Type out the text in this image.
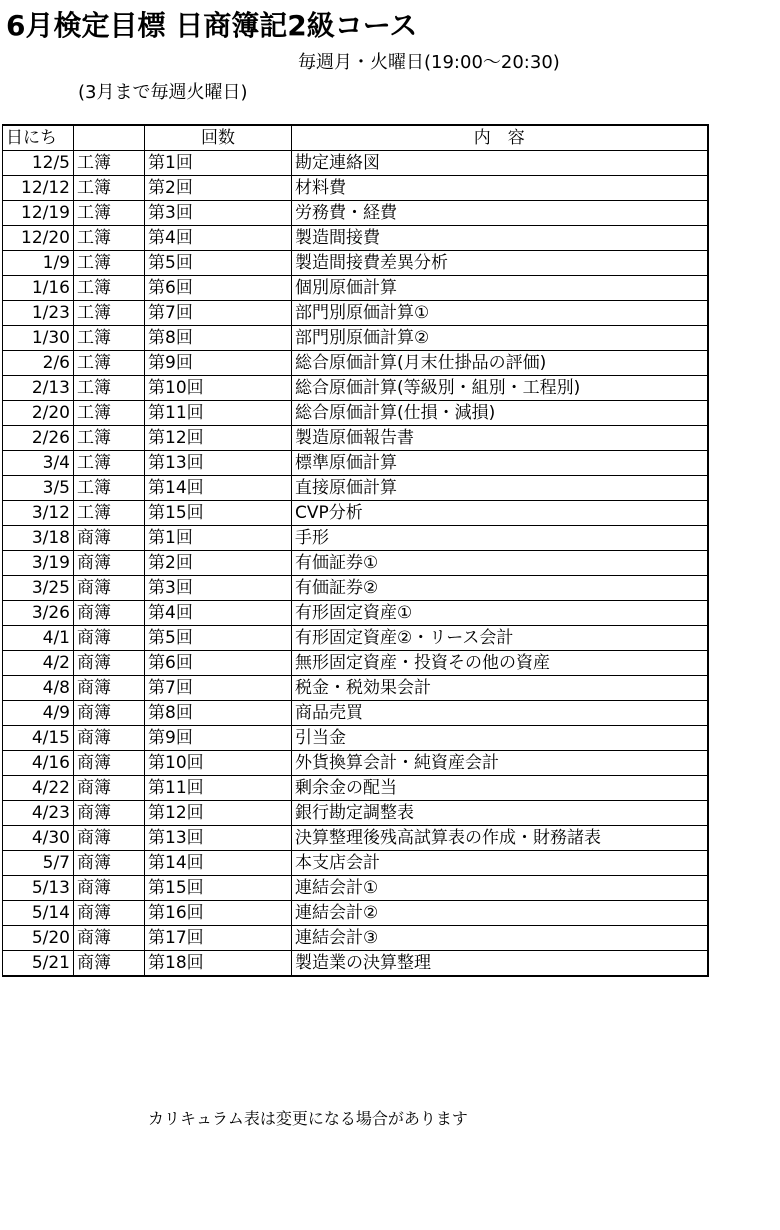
6月検定目標 日商簿記2級コース
毎週月・火曜日(19:00〜20:30)
(3月まで毎週火曜日)
日にち		回数	内　容
12/5	工簿	第1回	勘定連絡図
12/12	工簿	第2回	材料費
12/19	工簿	第3回	労務費・経費
12/20	工簿	第4回	製造間接費
1/9	工簿	第5回	製造間接費差異分析
1/16	工簿	第6回	個別原価計算
1/23	工簿	第7回	部門別原価計算①
1/30	工簿	第8回	部門別原価計算②
2/6	工簿	第9回	総合原価計算(月末仕掛品の評価)
2/13	工簿	第10回	総合原価計算(等級別・組別・工程別)
2/20	工簿	第11回	総合原価計算(仕損・減損)
2/26	工簿	第12回	製造原価報告書
3/4	工簿	第13回	標準原価計算
3/5	工簿	第14回	直接原価計算
3/12	工簿	第15回	CVP分析
3/18	商簿	第1回	手形
3/19	商簿	第2回	有価証券①
3/25	商簿	第3回	有価証券②
3/26	商簿	第4回	有形固定資産①
4/1	商簿	第5回	有形固定資産②・リース会計
4/2	商簿	第6回	無形固定資産・投資その他の資産
4/8	商簿	第7回	税金・税効果会計
4/9	商簿	第8回	商品売買
4/15	商簿	第9回	引当金
4/16	商簿	第10回	外貨換算会計・純資産会計
4/22	商簿	第11回	剰余金の配当
4/23	商簿	第12回	銀行勘定調整表
4/30	商簿	第13回	決算整理後残高試算表の作成・財務諸表
5/7	商簿	第14回	本支店会計
5/13	商簿	第15回	連結会計①
5/14	商簿	第16回	連結会計②
5/20	商簿	第17回	連結会計③
5/21	商簿	第18回	製造業の決算整理
カリキュラム表は変更になる場合があります
